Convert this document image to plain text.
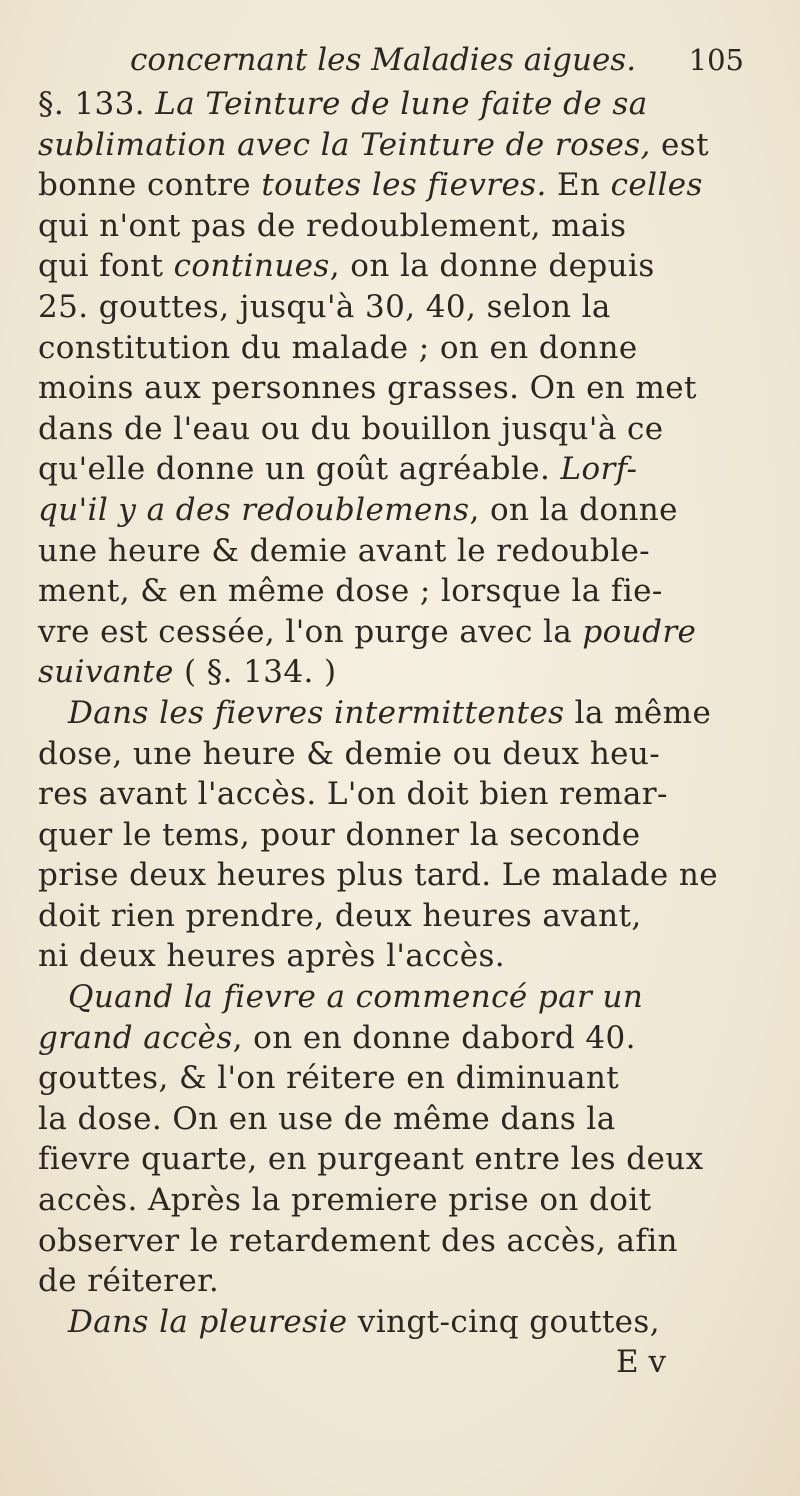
concernant les Maladies aigues. 105
§. 133. La Teinture de lune faite de sa
sublimation avec la Teinture de roses, est
bonne contre toutes les fievres. En celles
qui n'ont pas de redoublement, mais
qui font continues, on la donne depuis
25. gouttes, jusqu'à 30, 40, selon la
constitution du malade ; on en donne
moins aux personnes grasses. On en met
dans de l'eau ou du bouillon jusqu'à ce
qu'elle donne un goût agréable. Lorf-
qu'il y a des redoublemens, on la donne
une heure & demie avant le redouble-
ment, & en même dose ; lorsque la fie-
vre est cessée, l'on purge avec la poudre
suivante ( §. 134. )
Dans les fievres intermittentes la même
dose, une heure & demie ou deux heu-
res avant l'accès. L'on doit bien remar-
quer le tems, pour donner la seconde
prise deux heures plus tard. Le malade ne
doit rien prendre, deux heures avant,
ni deux heures après l'accès.
Quand la fievre a commencé par un
grand accès, on en donne dabord 40.
gouttes, & l'on réitere en diminuant
la dose. On en use de même dans la
fievre quarte, en purgeant entre les deux
accès. Après la premiere prise on doit
observer le retardement des accès, afin
de réiterer.
Dans la pleuresie vingt-cinq gouttes,
E v
